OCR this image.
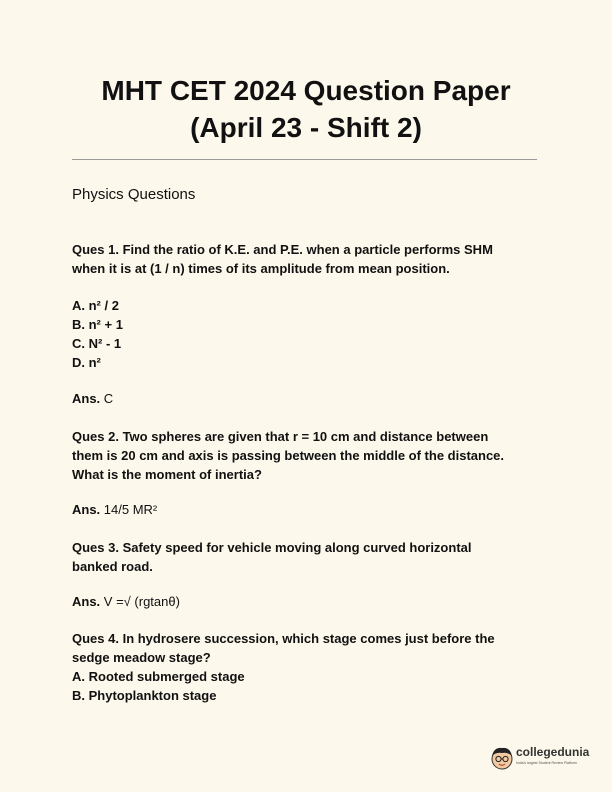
MHT CET 2024 Question Paper
(April 23 - Shift 2)

Physics Questions

Ques 1. Find the ratio of K.E. and P.E. when a particle performs SHM
when it is at (1 / n) times of its amplitude from mean position.

A. n² / 2

B. n² + 1

C. N² - 1

D. n²

Ans. C

Ques 2. Two spheres are given that r = 10 cm and distance between
them is 20 cm and axis is passing between the middle of the distance.
What is the moment of inertia?

Ans. 14/5 MR²

Ques 3. Safety speed for vehicle moving along curved horizontal
banked road.

Ans. V =√ (rgtanθ)

Ques 4. In hydrosere succession, which stage comes just before the
sedge meadow stage?

A. Rooted submerged stage

B. Phytoplankton stage

collegedunia
India's largest Student Review Platform
